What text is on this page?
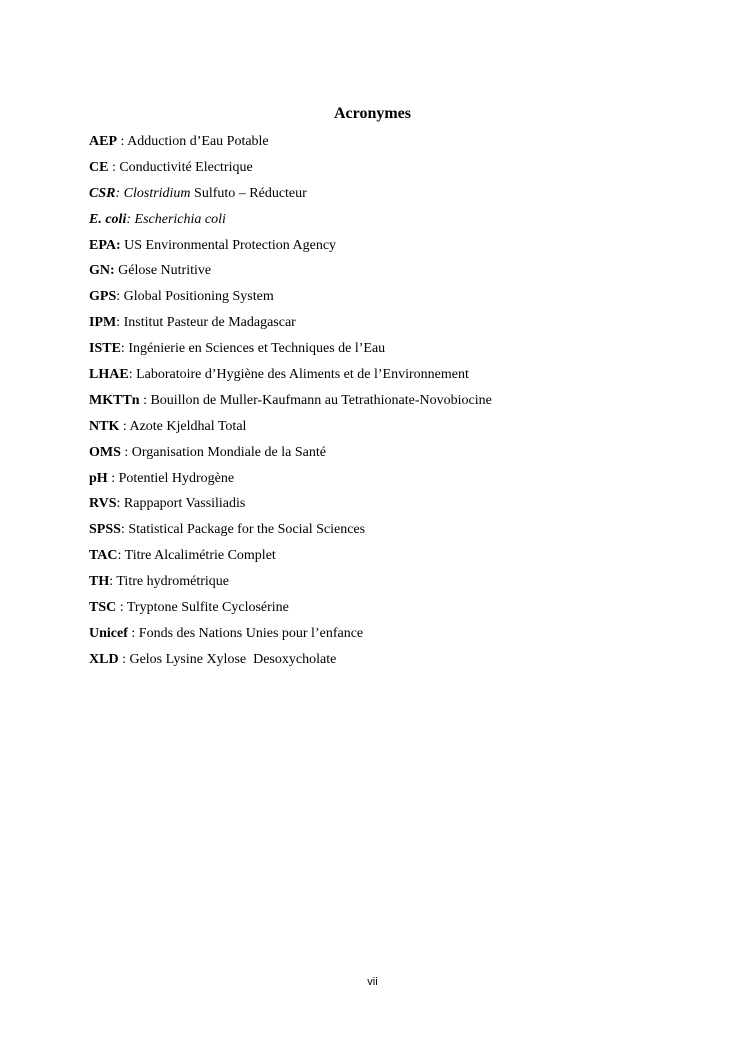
Acronymes
AEP : Adduction d’Eau Potable
CE : Conductivité Electrique
CSR: Clostridium Sulfuto – Réducteur
E. coli: Escherichia coli
EPA: US Environmental Protection Agency
GN: Gélose Nutritive
GPS: Global Positioning System
IPM: Institut Pasteur de Madagascar
ISTE: Ingénierie en Sciences et Techniques de l’Eau
LHAE: Laboratoire d’Hygiène des Aliments et de l’Environnement
MKTTn : Bouillon de Muller-Kaufmann au Tetrathionate-Novobiocine
NTK : Azote Kjeldhal Total
OMS : Organisation Mondiale de la Santé
pH : Potentiel Hydrogène
RVS: Rappaport Vassiliadis
SPSS: Statistical Package for the Social Sciences
TAC: Titre Alcalimétrie Complet
TH: Titre hydrométrique
TSC : Tryptone Sulfite Cyclosérine
Unicef : Fonds des Nations Unies pour l’enfance
XLD : Gelos Lysine Xylose  Desoxycholate
vii
